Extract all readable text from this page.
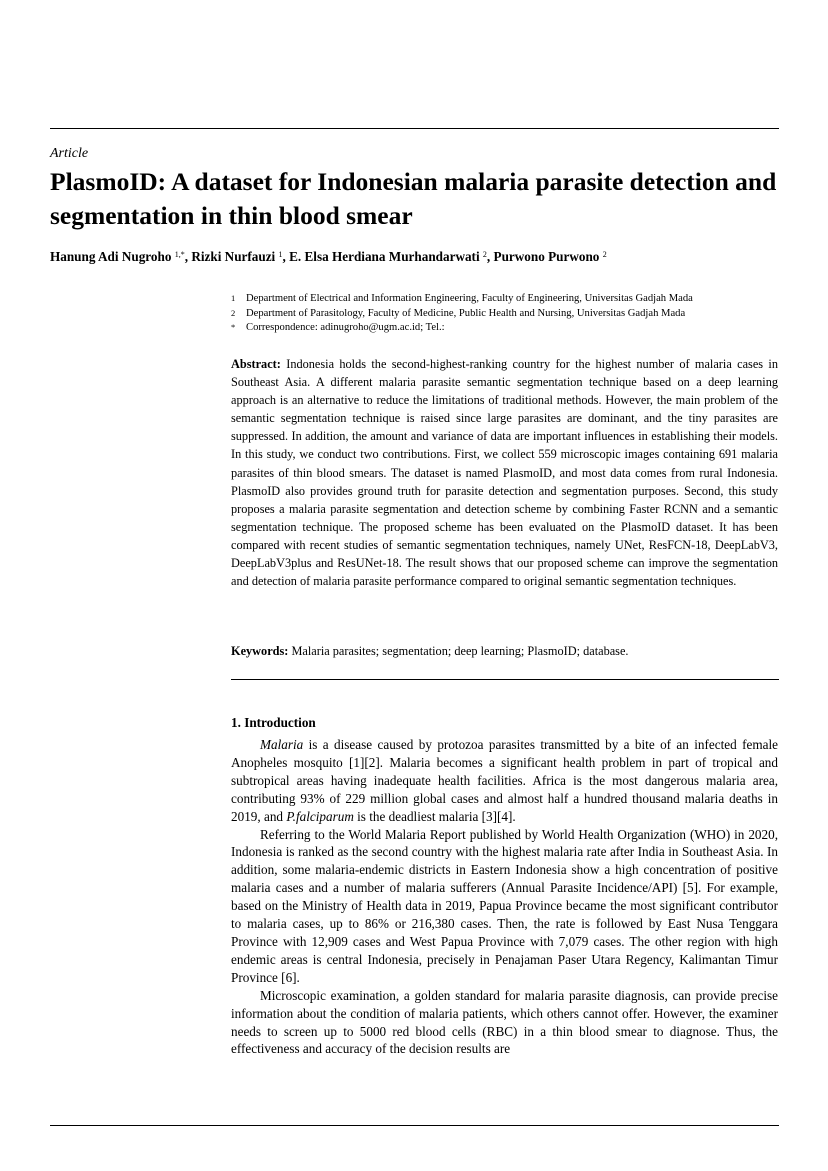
Article
PlasmoID: A dataset for Indonesian malaria parasite detection and segmentation in thin blood smear
Hanung Adi Nugroho $^{1,*}$, Rizki Nurfauzi $^1$, E. Elsa Herdiana Murhandarwati $^2$, Purwono Purwono $^2$
1 Department of Electrical and Information Engineering, Faculty of Engineering, Universitas Gadjah Mada
2 Department of Parasitology, Faculty of Medicine, Public Health and Nursing, Universitas Gadjah Mada
* Correspondence: adinugroho@ugm.ac.id; Tel.:

Abstract: Indonesia holds the second-highest-ranking country for the highest number of malaria cases in Southeast Asia. A different malaria parasite semantic segmentation technique based on a deep learning approach is an alternative to reduce the limitations of traditional methods. However, the main problem of the semantic segmentation technique is raised since large parasites are dominant, and the tiny parasites are suppressed. In addition, the amount and variance of data are important influences in establishing their models. In this study, we conduct two contributions. First, we collect 559 microscopic images containing 691 malaria parasites of thin blood smears. The dataset is named PlasmoID, and most data comes from rural Indonesia. PlasmoID also provides ground truth for parasite detection and segmentation purposes. Second, this study proposes a malaria parasite segmentation and detection scheme by combining Faster RCNN and a semantic segmentation technique. The proposed scheme has been evaluated on the PlasmoID dataset. It has been compared with recent studies of semantic segmentation techniques, namely UNet, ResFCN-18, DeepLabV3, DeepLabV3plus and ResUNet-18. The result shows that our proposed scheme can improve the segmentation and detection of malaria parasite performance compared to original semantic segmentation techniques.

Keywords: Malaria parasites; segmentation; deep learning; PlasmoID; database.

1. Introduction

Malaria is a disease caused by protozoa parasites transmitted by a bite of an infected female Anopheles mosquito [1][2]. Malaria becomes a significant health problem in part of tropical and subtropical areas having inadequate health facilities. Africa is the most dangerous malaria area, contributing 93% of 229 million global cases and almost half a hundred thousand malaria deaths in 2019, and P.falciparum is the deadliest malaria [3][4].

Referring to the World Malaria Report published by World Health Organization (WHO) in 2020, Indonesia is ranked as the second country with the highest malaria rate after India in Southeast Asia. In addition, some malaria-endemic districts in Eastern Indonesia show a high concentration of positive malaria cases and a number of malaria sufferers (Annual Parasite Incidence/API) [5]. For example, based on the Ministry of Health data in 2019, Papua Province became the most significant contributor to malaria cases, up to 86% or 216,380 cases. Then, the rate is followed by East Nusa Tenggara Province with 12,909 cases and West Papua Province with 7,079 cases. The other region with high endemic areas is central Indonesia, precisely in Penajaman Paser Utara Regency, Kalimantan Timur Province [6].

Microscopic examination, a golden standard for malaria parasite diagnosis, can provide precise information about the condition of malaria patients, which others cannot offer. However, the examiner needs to screen up to 5000 red blood cells (RBC) in a thin blood smear to diagnose. Thus, the effectiveness and accuracy of the decision results are
